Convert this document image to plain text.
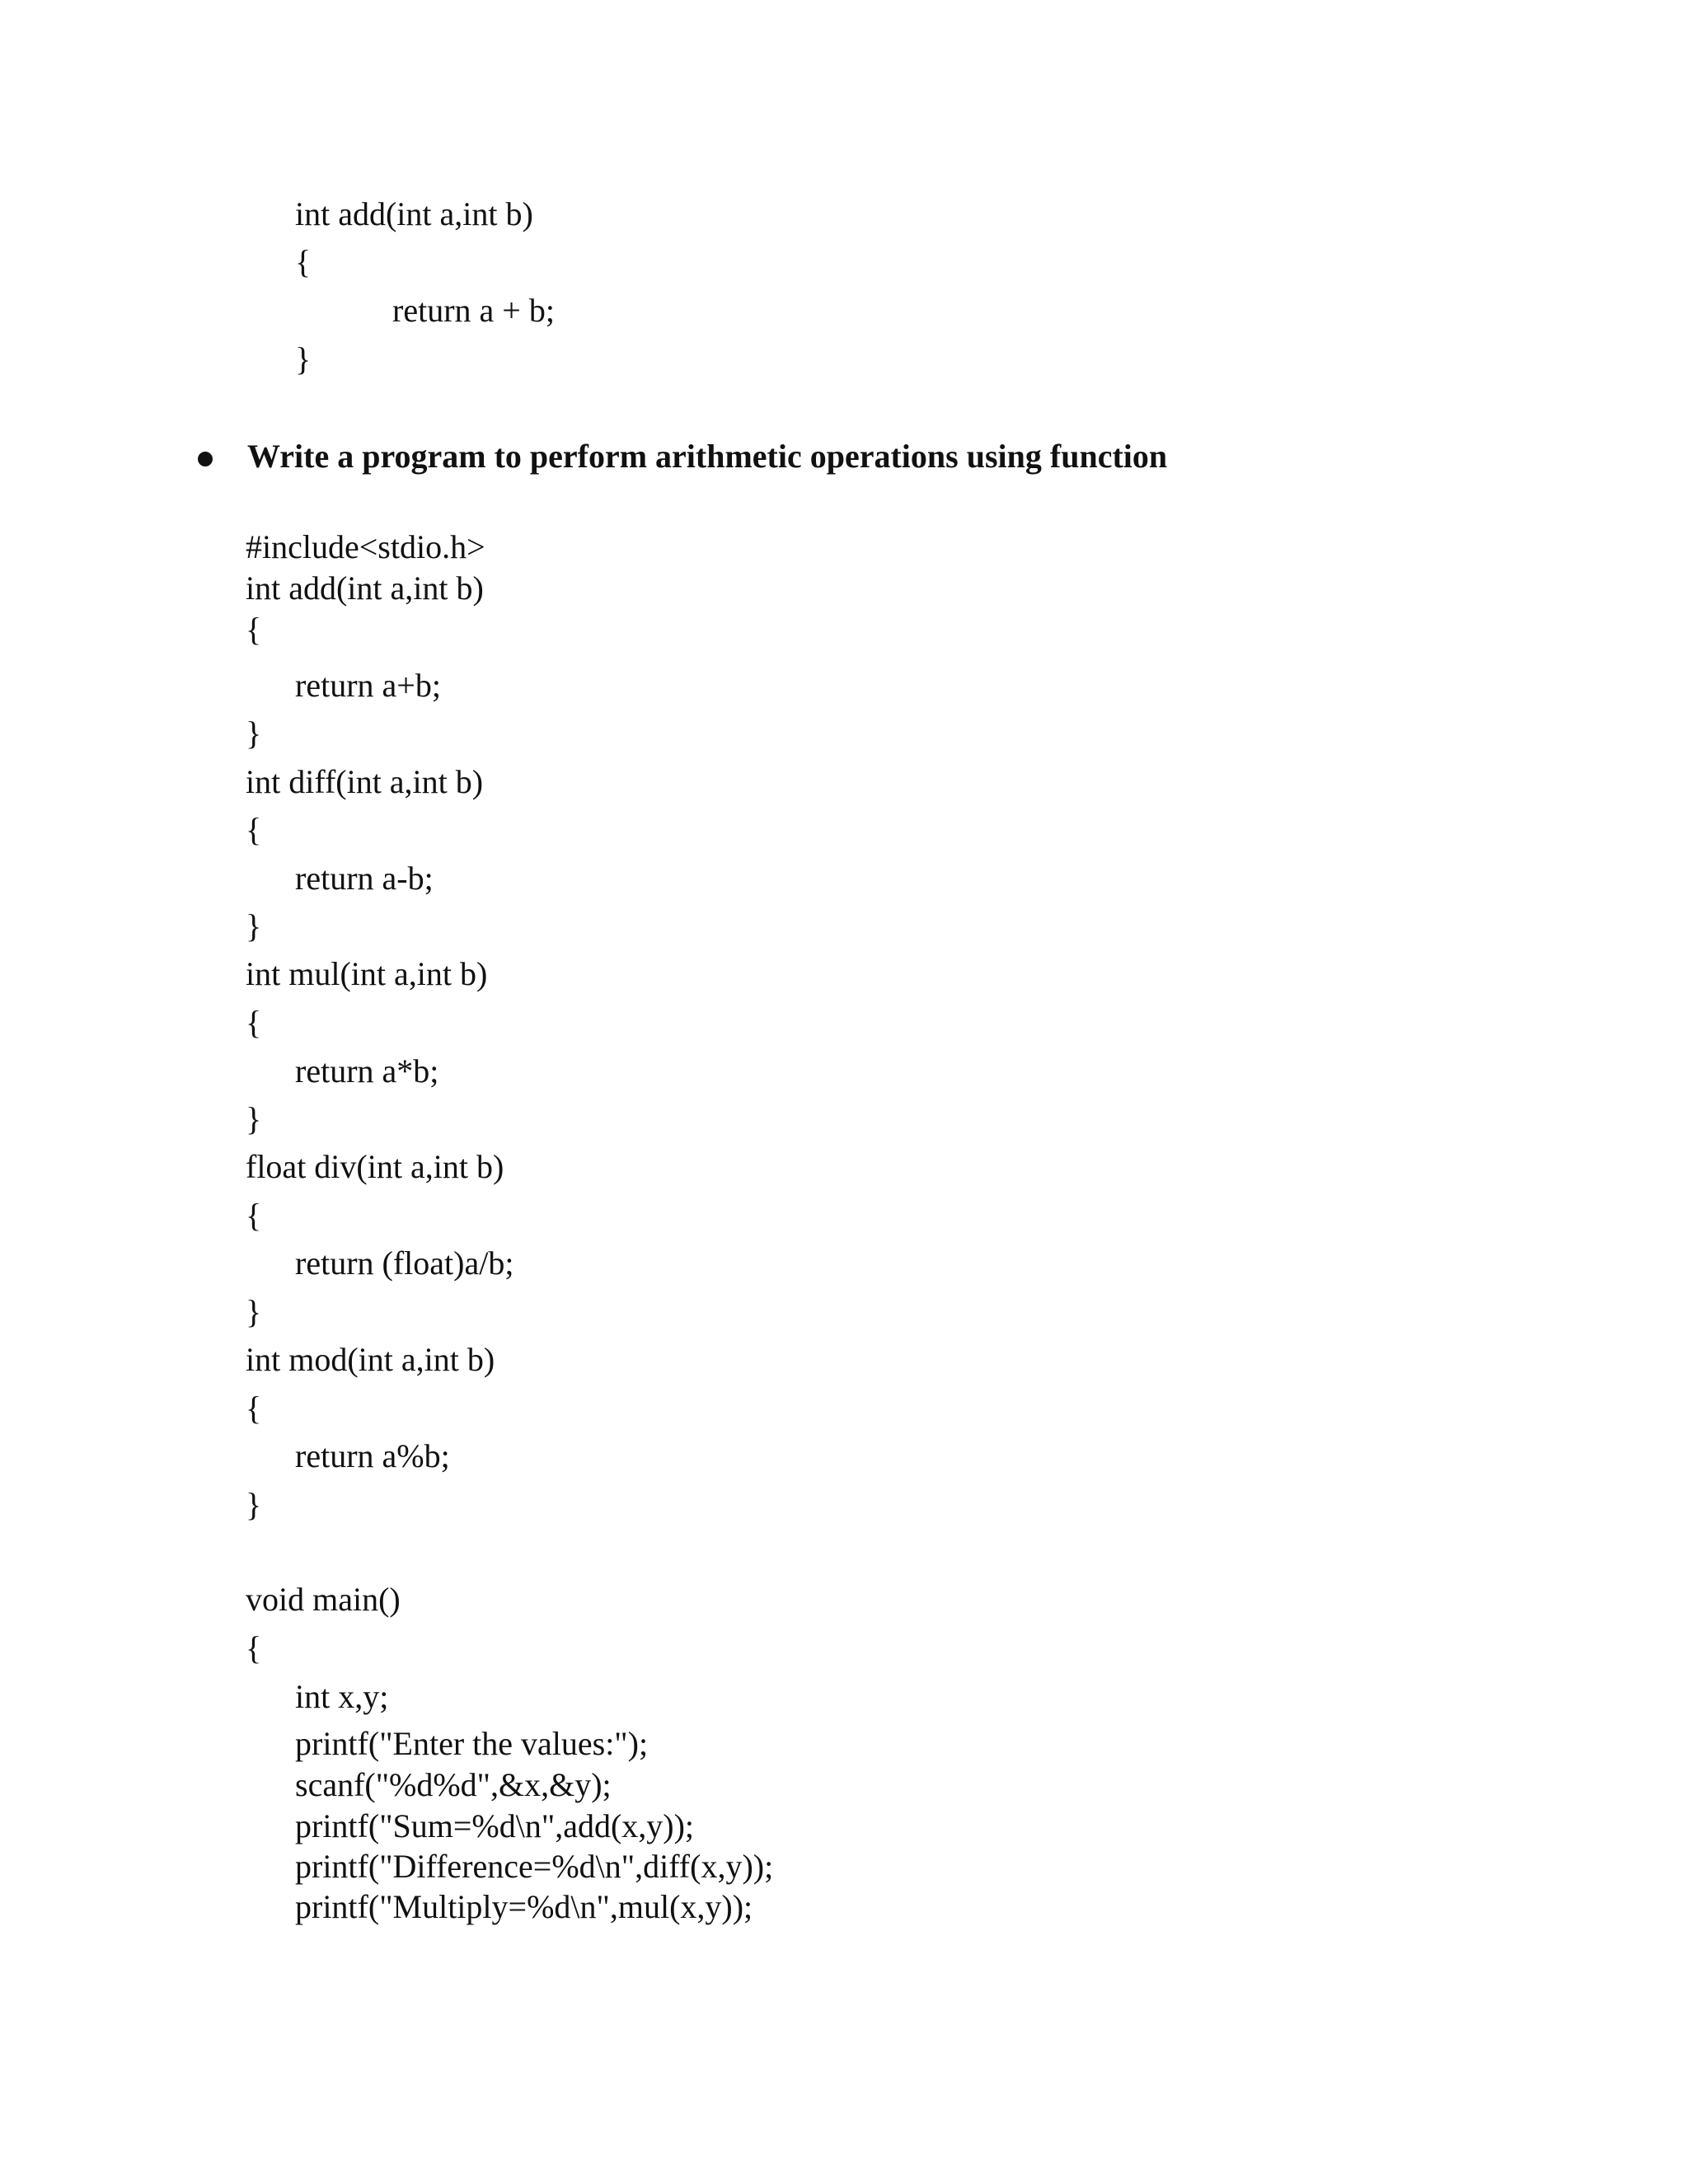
int add(int a,int b)

{

return a + b;

}

Write a program to perform arithmetic operations using function

#include<stdio.h>

int add(int a,int b)

{

return a+b;

}

int diff(int a,int b)

{

return a-b;

}

int mul(int a,int b)

{

return a*b;

}

float div(int a,int b)

{

return (float)a/b;

}

int mod(int a,int b)

{

return a%b;

}

void main()

{

int x,y;

printf("Enter the values:");

scanf("%d%d",&x,&y);

printf("Sum=%d\n",add(x,y));

printf("Difference=%d\n",diff(x,y));

printf("Multiply=%d\n",mul(x,y));
